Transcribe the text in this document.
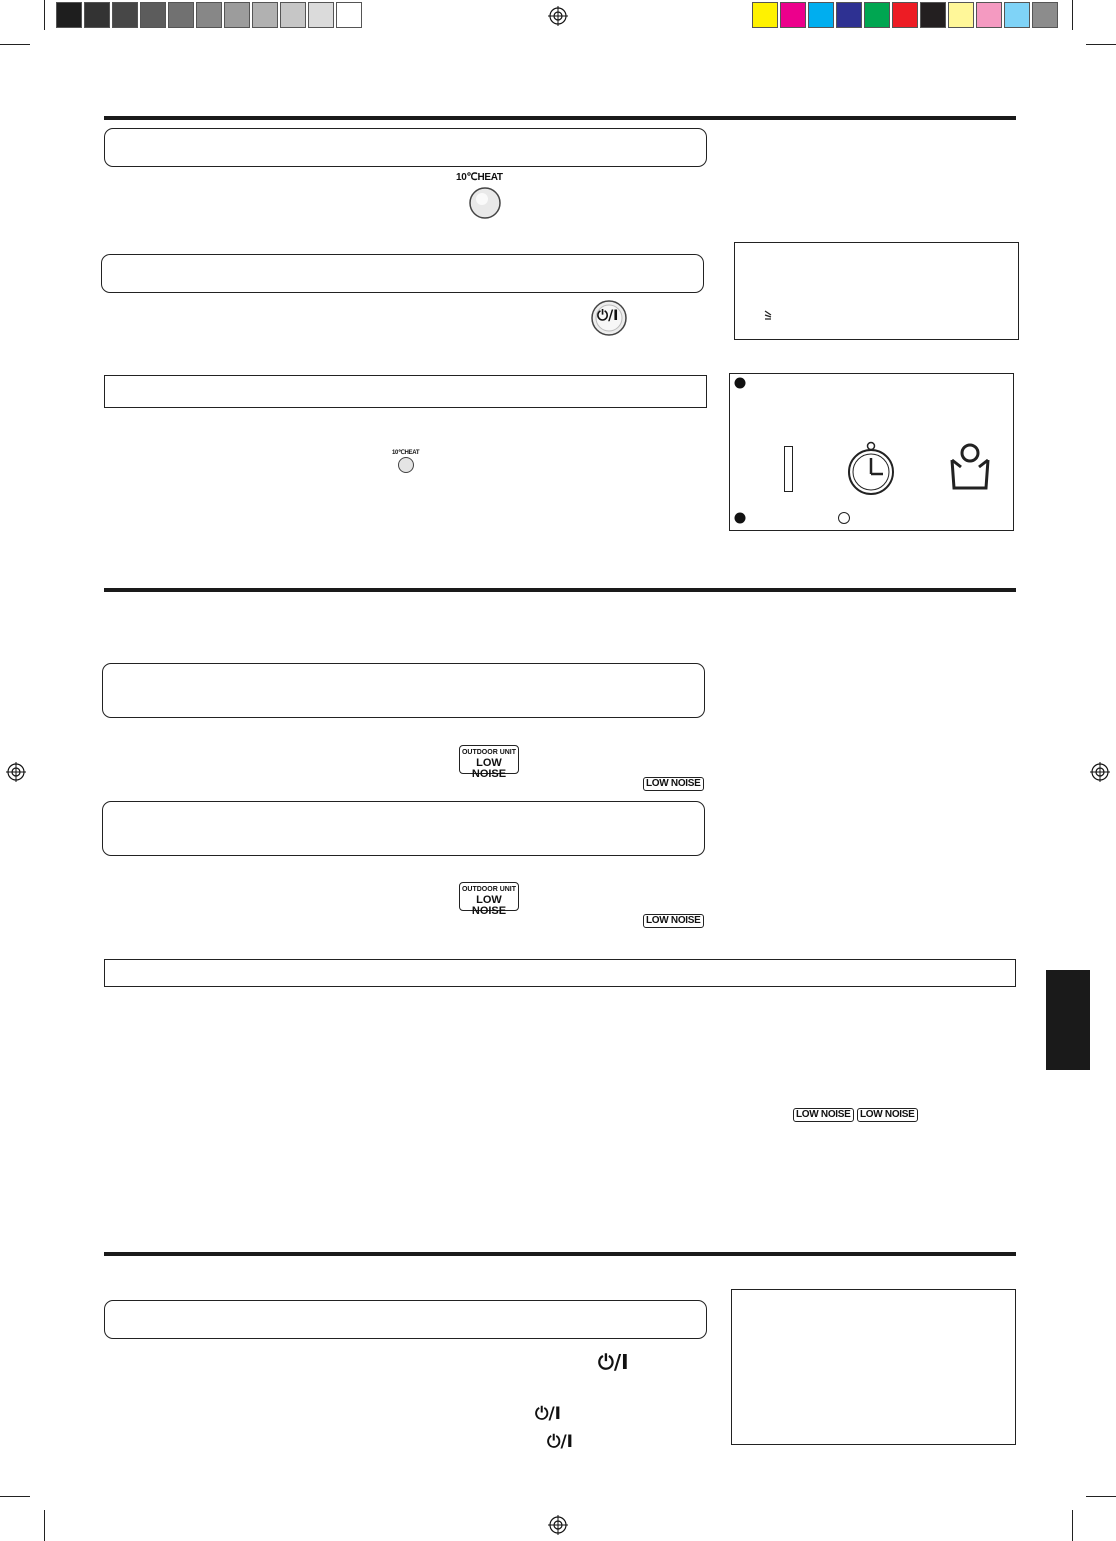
10℃HEAT
⏻/I
10℃HEAT
OUTDOOR UNIT
LOW NOISE
LOW NOISE
OUTDOOR UNIT
LOW NOISE
LOW NOISE
LOW NOISE LOW NOISE
⏻/I
⏻/I
⏻/I
